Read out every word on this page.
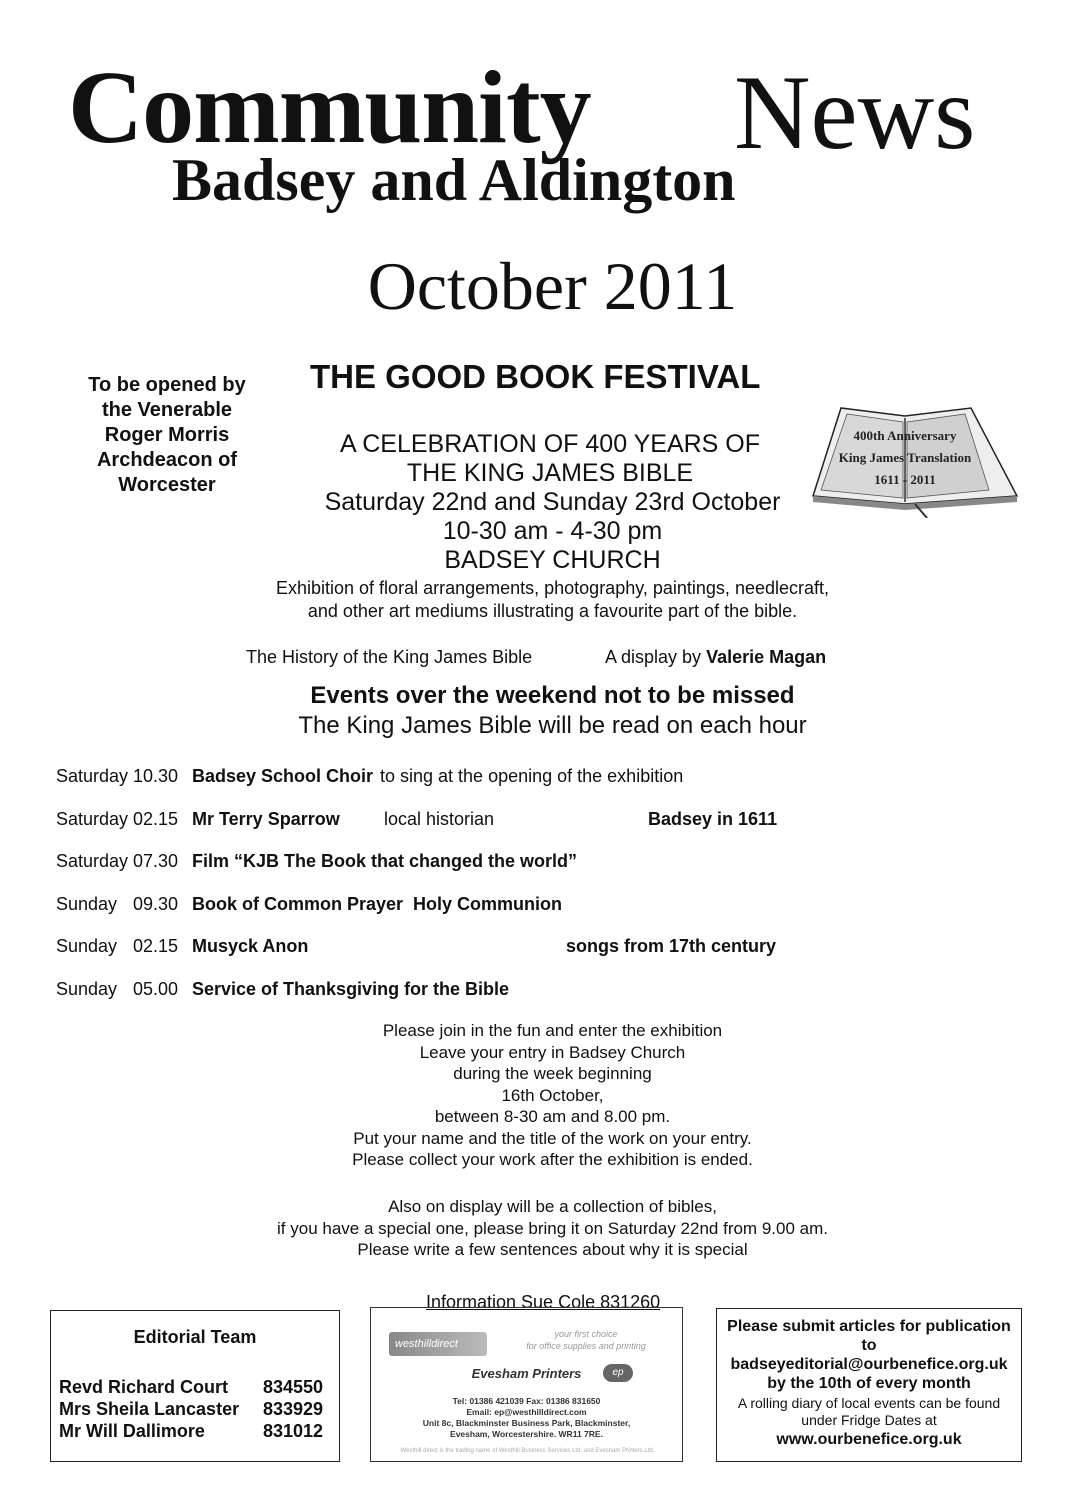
Community News
Badsey and Aldington
October 2011
To be opened by
the Venerable
Roger Morris
Archdeacon of
Worcester
THE GOOD BOOK FESTIVAL
A CELEBRATION OF 400 YEARS OF
THE KING JAMES BIBLE
400th Anniversary
King James Translation
1611 - 2011
Saturday 22nd and Sunday 23rd October
10-30 am - 4-30 pm
BADSEY CHURCH
Exhibition of floral arrangements, photography, paintings, needlecraft,
and other art mediums illustrating a favourite part of the bible.
The History of the King James Bible	A display by Valerie Magan
Events over the weekend not to be missed
The King James Bible will be read on each hour
Saturday 10.30 Badsey School Choir to sing at the opening of the exhibition
Saturday 02.15 Mr Terry Sparrow local historian	Badsey in 1611
Saturday 07.30 Film “KJB The Book that changed the world”
Sunday 09.30 Book of Common Prayer  Holy Communion
Sunday 02.15 Musyck Anon	songs from 17th century
Sunday 05.00 Service of Thanksgiving for the Bible
Please join in the fun and enter the exhibition
Leave your entry in Badsey Church
during the week beginning
16th October,
between 8-30 am and 8.00 pm.
Put your name and the title of the work on your entry.
Please collect your work after the exhibition is ended.
Also on display will be a collection of bibles,
if you have a special one, please bring it on Saturday 22nd from 9.00 am.
Please write a few sentences about why it is special
Information Sue Cole 831260
Editorial Team
Revd Richard Court 834550
Mrs Sheila Lancaster 833929
Mr Will Dallimore	831012
westhilldirect
your first choice
for office supplies and printing
Evesham Printers	ep
Tel: 01386 421039 Fax: 01386 831650
Email: ep@westhilldirect.com
Unit 8c, Blackminster Business Park, Blackminster,
Evesham, Worcestershire. WR11 7RE.
Westhill direct is the trading name of Westhill Business Services Ltd. and Evesham Printers Ltd.
Please submit articles for publication
to
badseyeditorial@ourbenefice.org.uk
by the 10th of every month
A rolling diary of local events can be found
under Fridge Dates at
www.ourbenefice.org.uk
